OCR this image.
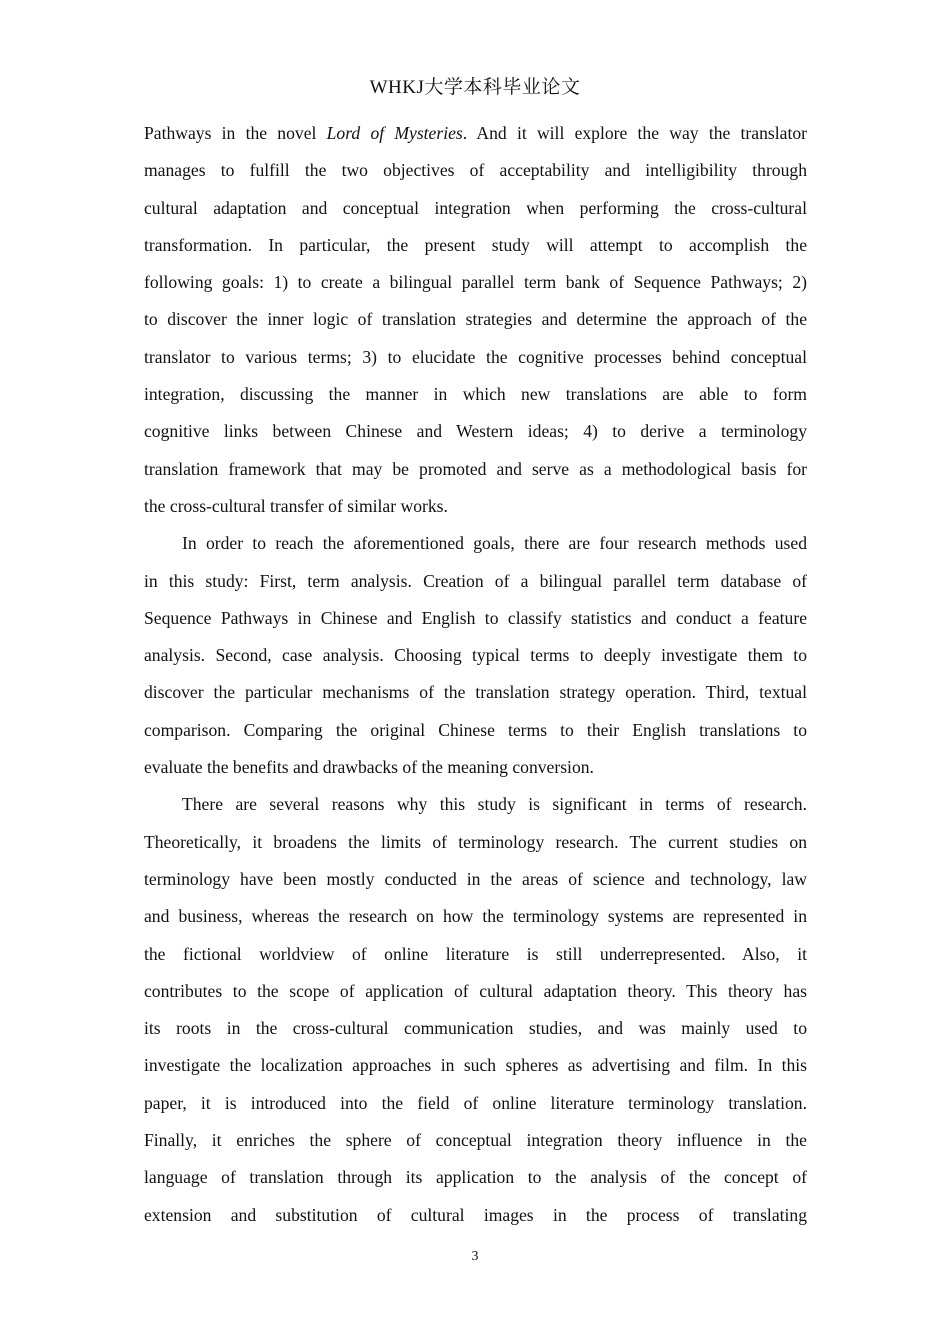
WHKJ大学本科毕业论文

Pathways in the novel Lord of Mysteries. And it will explore the way the translator
manages to fulfill the two objectives of acceptability and intelligibility through
cultural adaptation and conceptual integration when performing the cross-cultural
transformation. In particular, the present study will attempt to accomplish the
following goals: 1) to create a bilingual parallel term bank of Sequence Pathways; 2)
to discover the inner logic of translation strategies and determine the approach of the
translator to various terms; 3) to elucidate the cognitive processes behind conceptual
integration, discussing the manner in which new translations are able to form
cognitive links between Chinese and Western ideas; 4) to derive a terminology
translation framework that may be promoted and serve as a methodological basis for
the cross-cultural transfer of similar works.

In order to reach the aforementioned goals, there are four research methods used
in this study: First, term analysis. Creation of a bilingual parallel term database of
Sequence Pathways in Chinese and English to classify statistics and conduct a feature
analysis. Second, case analysis. Choosing typical terms to deeply investigate them to
discover the particular mechanisms of the translation strategy operation. Third, textual
comparison. Comparing the original Chinese terms to their English translations to
evaluate the benefits and drawbacks of the meaning conversion.

There are several reasons why this study is significant in terms of research.
Theoretically, it broadens the limits of terminology research. The current studies on
terminology have been mostly conducted in the areas of science and technology, law
and business, whereas the research on how the terminology systems are represented in
the fictional worldview of online literature is still underrepresented. Also, it
contributes to the scope of application of cultural adaptation theory. This theory has
its roots in the cross-cultural communication studies, and was mainly used to
investigate the localization approaches in such spheres as advertising and film. In this
paper, it is introduced into the field of online literature terminology translation.
Finally, it enriches the sphere of conceptual integration theory influence in the
language of translation through its application to the analysis of the concept of
extension and substitution of cultural images in the process of translating

3
